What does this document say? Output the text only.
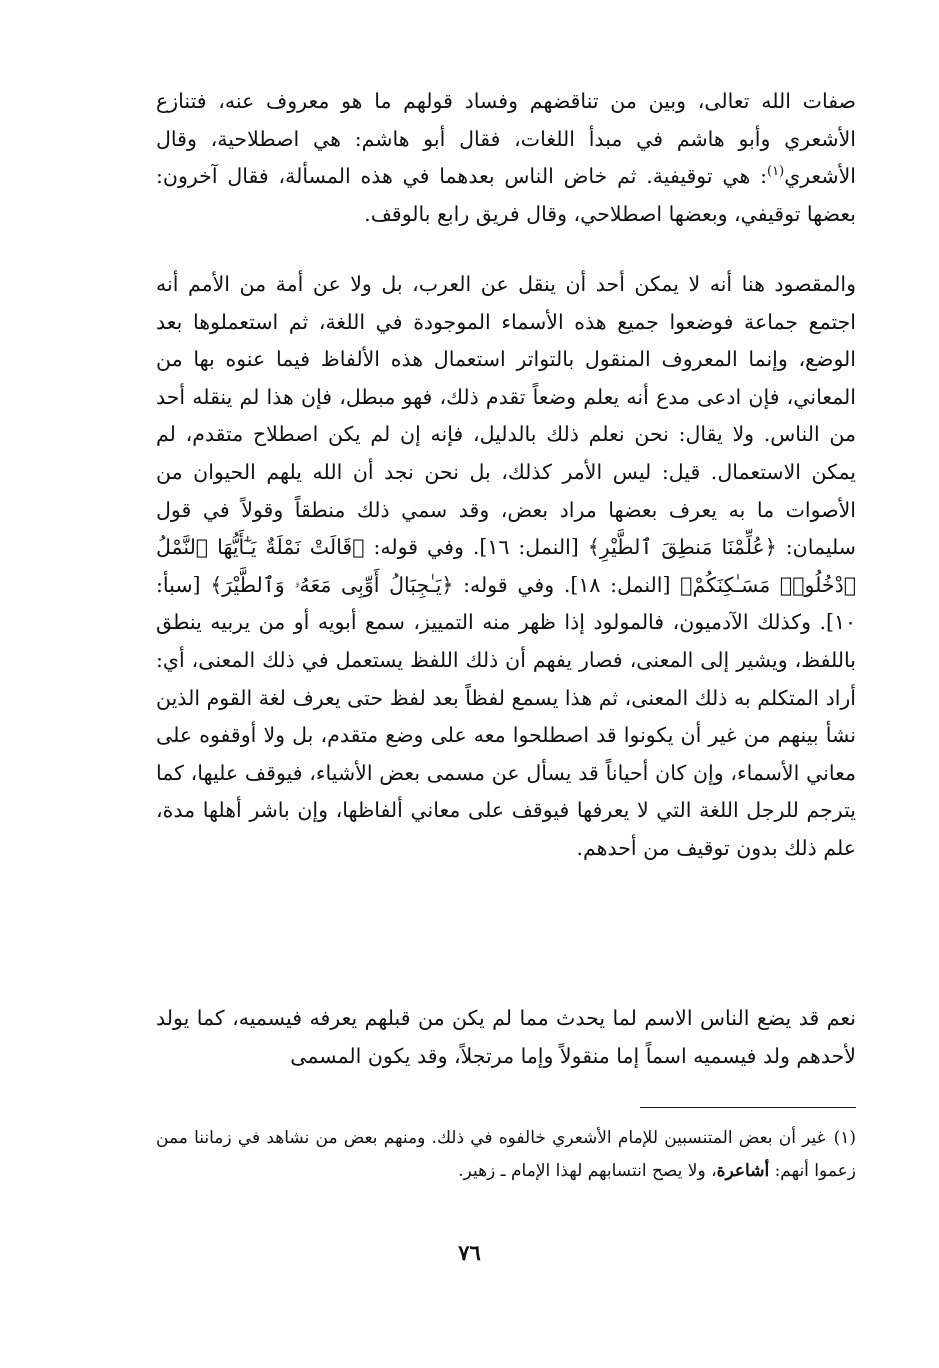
صفات الله تعالى، وبين من تناقضهم وفساد قولهم ما هو معروف عنه، فتنازع الأشعري وأبو هاشم في مبدأ اللغات، فقال أبو هاشم: هي اصطلاحية، وقال الأشعري$^{(١)}$: هي توقيفية. ثم خاض الناس بعدهما في هذه المسألة، فقال آخرون: بعضها توقيفي، وبعضها اصطلاحي، وقال فريق رابع بالوقف.

والمقصود هنا أنه لا يمكن أحد أن ينقل عن العرب، بل ولا عن أمة من الأمم أنه اجتمع جماعة فوضعوا جميع هذه الأسماء الموجودة في اللغة، ثم استعملوها بعد الوضع، وإنما المعروف المنقول بالتواتر استعمال هذه الألفاظ فيما عنوه بها من المعاني، فإن ادعى مدع أنه يعلم وضعاً تقدم ذلك، فهو مبطل، فإن هذا لم ينقله أحد من الناس. ولا يقال: نحن نعلم ذلك بالدليل، فإنه إن لم يكن اصطلاح متقدم، لم يمكن الاستعمال. قيل: ليس الأمر كذلك، بل نحن نجد أن الله يلهم الحيوان من الأصوات ما به يعرف بعضها مراد بعض، وقد سمي ذلك منطقاً وقولاً في قول سليمان: ﴿عُلِّمْنَا مَنطِقَ ٱلطَّيْرِ﴾ [النمل: ١٦]. وفي قوله: ﴿قَالَتْ نَمْلَةٌ يَـٰٓأَيُّهَا ٱلنَّمْلُ ٱدْخُلُوا۟ مَسَـٰكِنَكُمْ﴾ [النمل: ١٨]. وفي قوله: ﴿يَـٰجِبَالُ أَوِّبِى مَعَهُۥ وَٱلطَّيْرَ﴾ [سبأ: ١٠]. وكذلك الآدميون، فالمولود إذا ظهر منه التمييز، سمع أبويه أو من يربيه ينطق باللفظ، ويشير إلى المعنى، فصار يفهم أن ذلك اللفظ يستعمل في ذلك المعنى، أي: أراد المتكلم به ذلك المعنى، ثم هذا يسمع لفظاً بعد لفظ حتى يعرف لغة القوم الذين نشأ بينهم من غير أن يكونوا قد اصطلحوا معه على وضع متقدم، بل ولا أوقفوه على معاني الأسماء، وإن كان أحياناً قد يسأل عن مسمى بعض الأشياء، فيوقف عليها، كما يترجم للرجل اللغة التي لا يعرفها فيوقف على معاني ألفاظها، وإن باشر أهلها مدة، علم ذلك بدون توقيف من أحدهم.

نعم قد يضع الناس الاسم لما يحدث مما لم يكن من قبلهم يعرفه فيسميه، كما يولد لأحدهم ولد فيسميه اسماً إما منقولاً وإما مرتجلاً، وقد يكون المسمى

(١)غير أن بعض المتنسبين للإمام الأشعري خالفوه في ذلك. ومنهم بعض من نشاهد في زماننا ممن زعموا أنهم: أشاعرة، ولا يصح انتسابهم لهذا الإمام ـ زهير.

٧٦
